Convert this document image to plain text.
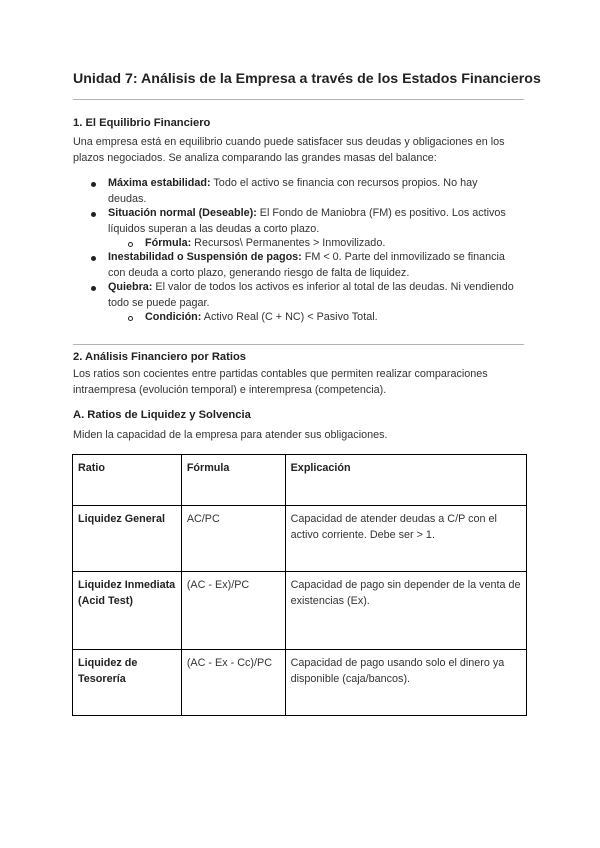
Unidad 7: Análisis de la Empresa a través de los Estados Financieros
1. El Equilibrio Financiero
Una empresa está en equilibrio cuando puede satisfacer sus deudas y obligaciones en los plazos negociados. Se analiza comparando las grandes masas del balance:
Máxima estabilidad: Todo el activo se financia con recursos propios. No hay deudas.
Situación normal (Deseable): El Fondo de Maniobra (FM) es positivo. Los activos líquidos superan a las deudas a corto plazo.
Fórmula: Recursos\ Permanentes > Inmovilizado.
Inestabilidad o Suspensión de pagos: FM < 0. Parte del inmovilizado se financia con deuda a corto plazo, generando riesgo de falta de liquidez.
Quiebra: El valor de todos los activos es inferior al total de las deudas. Ni vendiendo todo se puede pagar.
Condición: Activo Real (C + NC) < Pasivo Total.
2. Análisis Financiero por Ratios
Los ratios son cocientes entre partidas contables que permiten realizar comparaciones intraempresa (evolución temporal) e interempresa (competencia).
A. Ratios de Liquidez y Solvencia
Miden la capacidad de la empresa para atender sus obligaciones.
Ratio	Fórmula	Explicación
Liquidez General	AC/PC	Capacidad de atender deudas a C/P con el activo corriente. Debe ser > 1.
Liquidez Inmediata (Acid Test)	(AC - Ex)/PC	Capacidad de pago sin depender de la venta de existencias (Ex).
Liquidez de Tesorería	(AC - Ex - Cc)/PC	Capacidad de pago usando solo el dinero ya disponible (caja/bancos).
